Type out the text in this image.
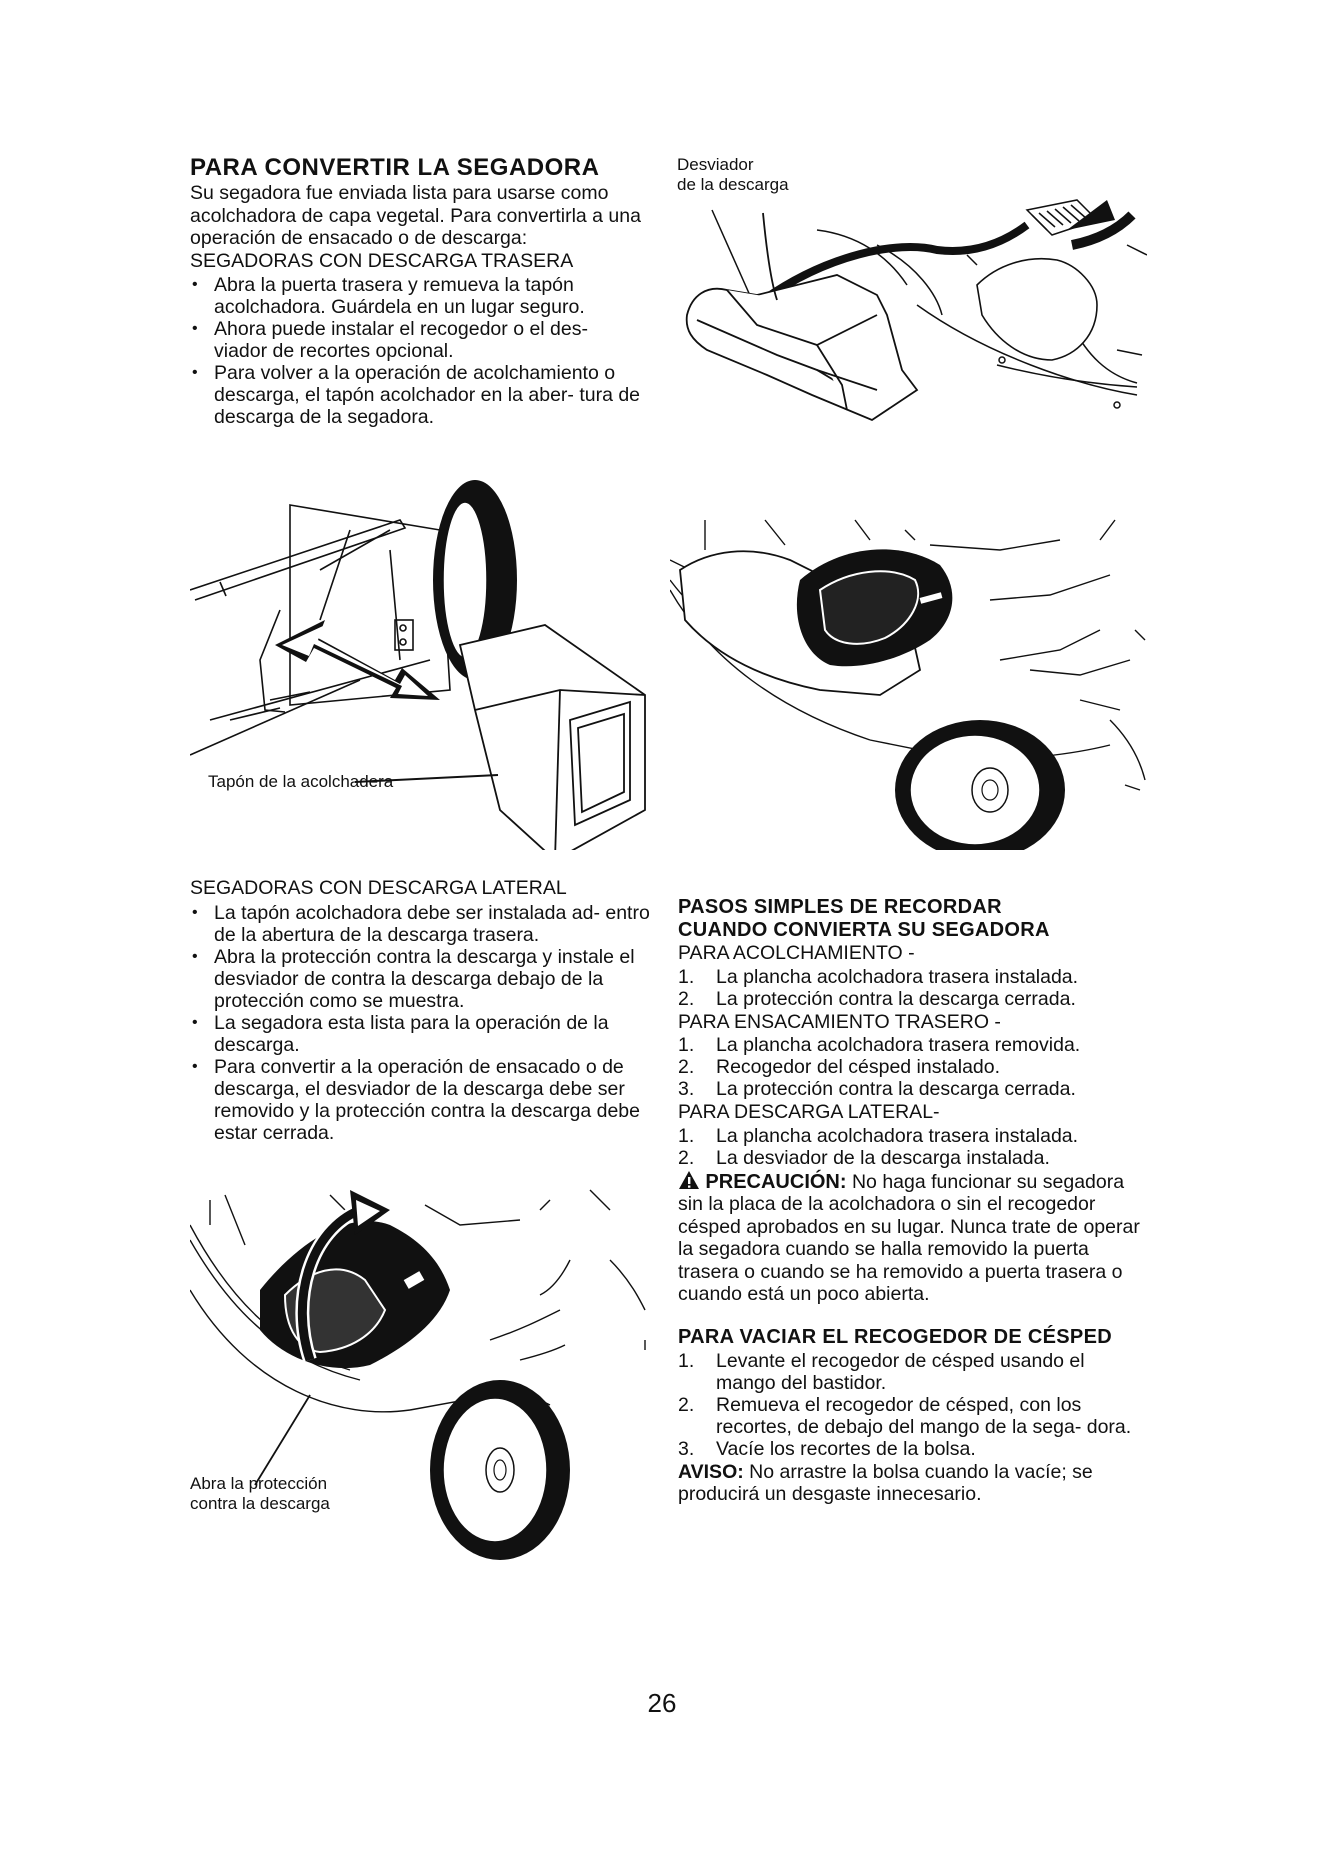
PARA CONVERTIR LA SEGADORA

Su segadora fue enviada lista para usarse como acolchadora de capa vegetal. Para convertirla a una operación de ensacado o de descarga:

SEGADORAS CON DESCARGA TRASERA

• Abra la puerta trasera y remueva la tapón acolchadora. Guárdela en un lugar seguro.
• Ahora puede instalar el recogedor o el des- viador de recortes opcional.
• Para volver a la operación de acolchamiento o descarga, el tapón acolchador en la aber- tura de descarga de la segadora.

Tapón de la acolchadera

SEGADORAS CON DESCARGA LATERAL

• La tapón acolchadora debe ser instalada ad- entro de la abertura de la descarga trasera.
• Abra la protección contra la descarga y instale el desviador de contra la descarga debajo de la protección como se muestra.
• La segadora esta lista para la operación de la descarga.
• Para convertir a la operación de ensacado o de descarga, el desviador de la descarga debe ser removido y la protección contra la descarga debe estar cerrada.

Abra la protección

contra la descarga

Desviador

de la descarga

PASOS SIMPLES DE RECORDAR
CUANDO CONVIERTA SU SEGADORA

PARA ACOLCHAMIENTO -

1. La plancha acolchadora trasera instalada.
2. La protección contra la descarga cerrada.

PARA ENSACAMIENTO TRASERO -

1. La plancha acolchadora trasera removida.
2. Recogedor del césped instalado.
3. La protección contra la descarga cerrada.

PARA DESCARGA LATERAL-

1. La plancha acolchadora trasera instalada.
2. La desviador de la descarga instalada.

PRECAUCIÓN: No haga funcionar su segadora sin la placa de la acolchadora o sin el recogedor césped aprobados en su lugar. Nunca trate de operar la segadora cuando se halla removido la puerta trasera o cuando se ha removido a puerta trasera o cuando está un poco abierta.

PARA VACIAR EL RECOGEDOR DE CÉSPED
1. Levante el recogedor de césped usando el mango del bastidor.
2. Remueva el recogedor de césped, con los recortes, de debajo del mango de la sega- dora.
3. Vacíe los recortes de la bolsa.

AVISO: No arrastre la bolsa cuando la vacíe; se producirá un desgaste innecesario.

26
